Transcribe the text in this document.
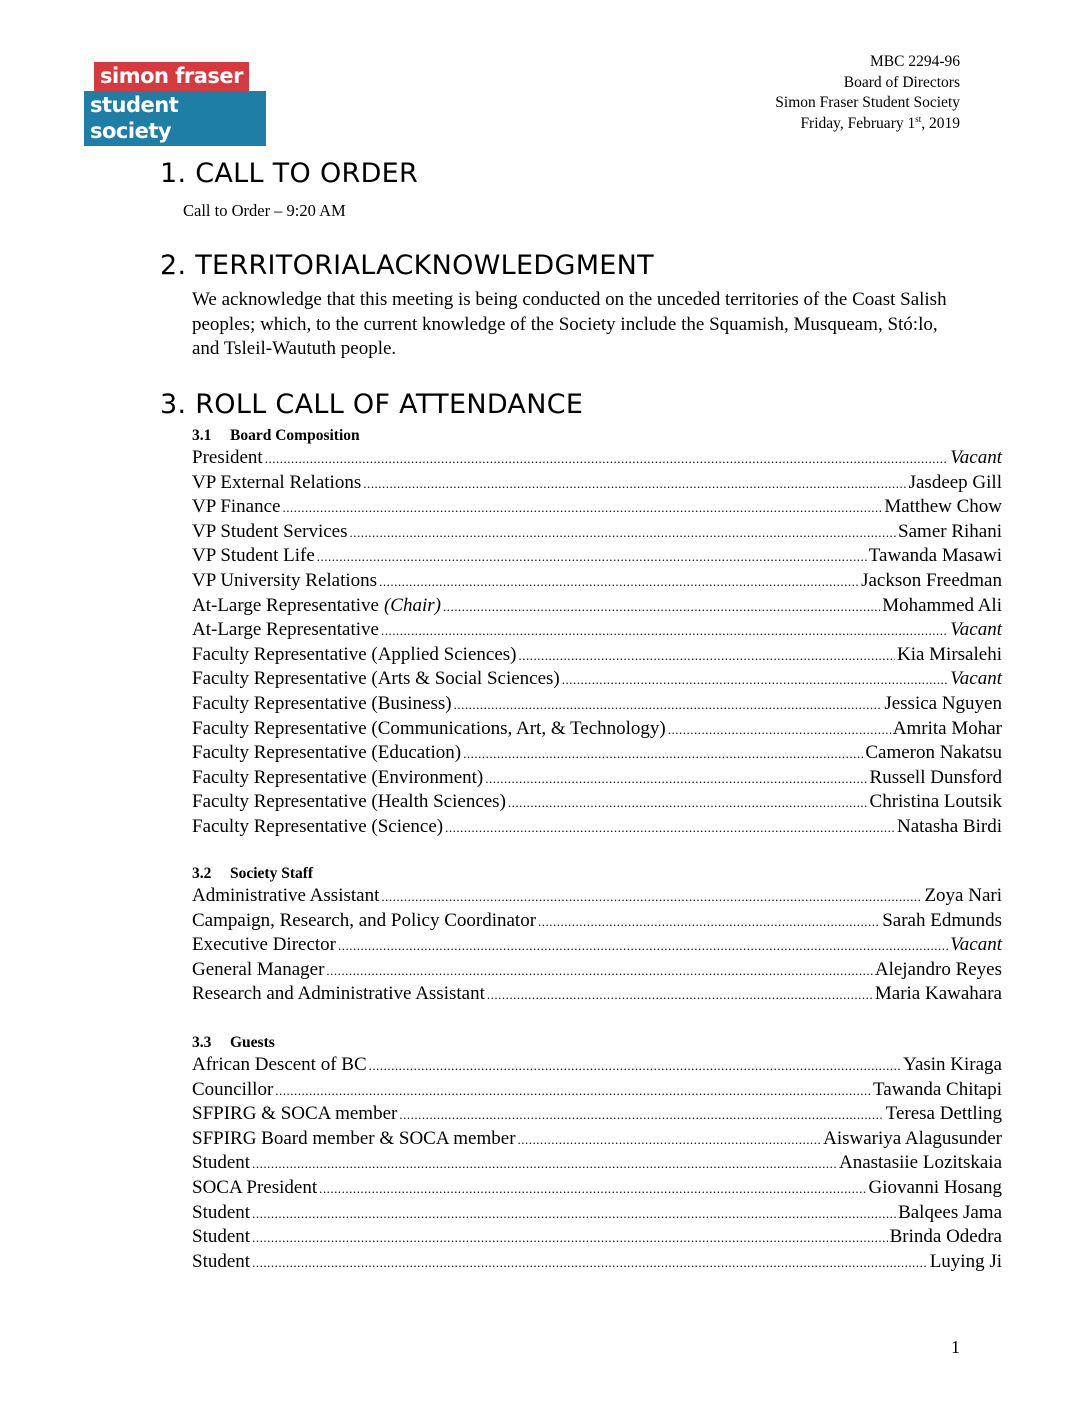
simon fraser
student society
MBC 2294-96
Board of Directors
Simon Fraser Student Society
Friday, February 1st, 2019
1. CALL TO ORDER
Call to Order – 9:20 AM
2. TERRITORIALACKNOWLEDGMENT
We acknowledge that this meeting is being conducted on the unceded territories of the Coast Salish peoples; which, to the current knowledge of the Society include the Squamish, Musqueam, Stó:lo, and Tsleil-Waututh people.
3. ROLL CALL OF ATTENDANCE
3.1 Board Composition
President .....	Vacant
VP External Relations .....	Jasdeep Gill
VP Finance .....	Matthew Chow
VP Student Services .....	Samer Rihani
VP Student Life .....	Tawanda Masawi
VP University Relations .....	Jackson Freedman
At-Large Representative (Chair) .....	Mohammed Ali
At-Large Representative .....	Vacant
Faculty Representative (Applied Sciences) .....	Kia Mirsalehi
Faculty Representative (Arts & Social Sciences) .....	Vacant
Faculty Representative (Business) .....	Jessica Nguyen
Faculty Representative (Communications, Art, & Technology) .....	Amrita Mohar
Faculty Representative (Education) .....	Cameron Nakatsu
Faculty Representative (Environment) .....	Russell Dunsford
Faculty Representative (Health Sciences) .....	Christina Loutsik
Faculty Representative (Science) .....	Natasha Birdi
3.2 Society Staff
Administrative Assistant .....	Zoya Nari
Campaign, Research, and Policy Coordinator .....	Sarah Edmunds
Executive Director .....	Vacant
General Manager .....	Alejandro Reyes
Research and Administrative Assistant .....	Maria Kawahara
3.3 Guests
African Descent of BC .....	Yasin Kiraga
Councillor .....	Tawanda Chitapi
SFPIRG & SOCA member .....	Teresa Dettling
SFPIRG Board member & SOCA member .....	Aiswariya Alagusunder
Student .....	Anastasiie Lozitskaia
SOCA President .....	Giovanni Hosang
Student .....	Balqees Jama
Student .....	Brinda Odedra
Student .....	Luying Ji
1
